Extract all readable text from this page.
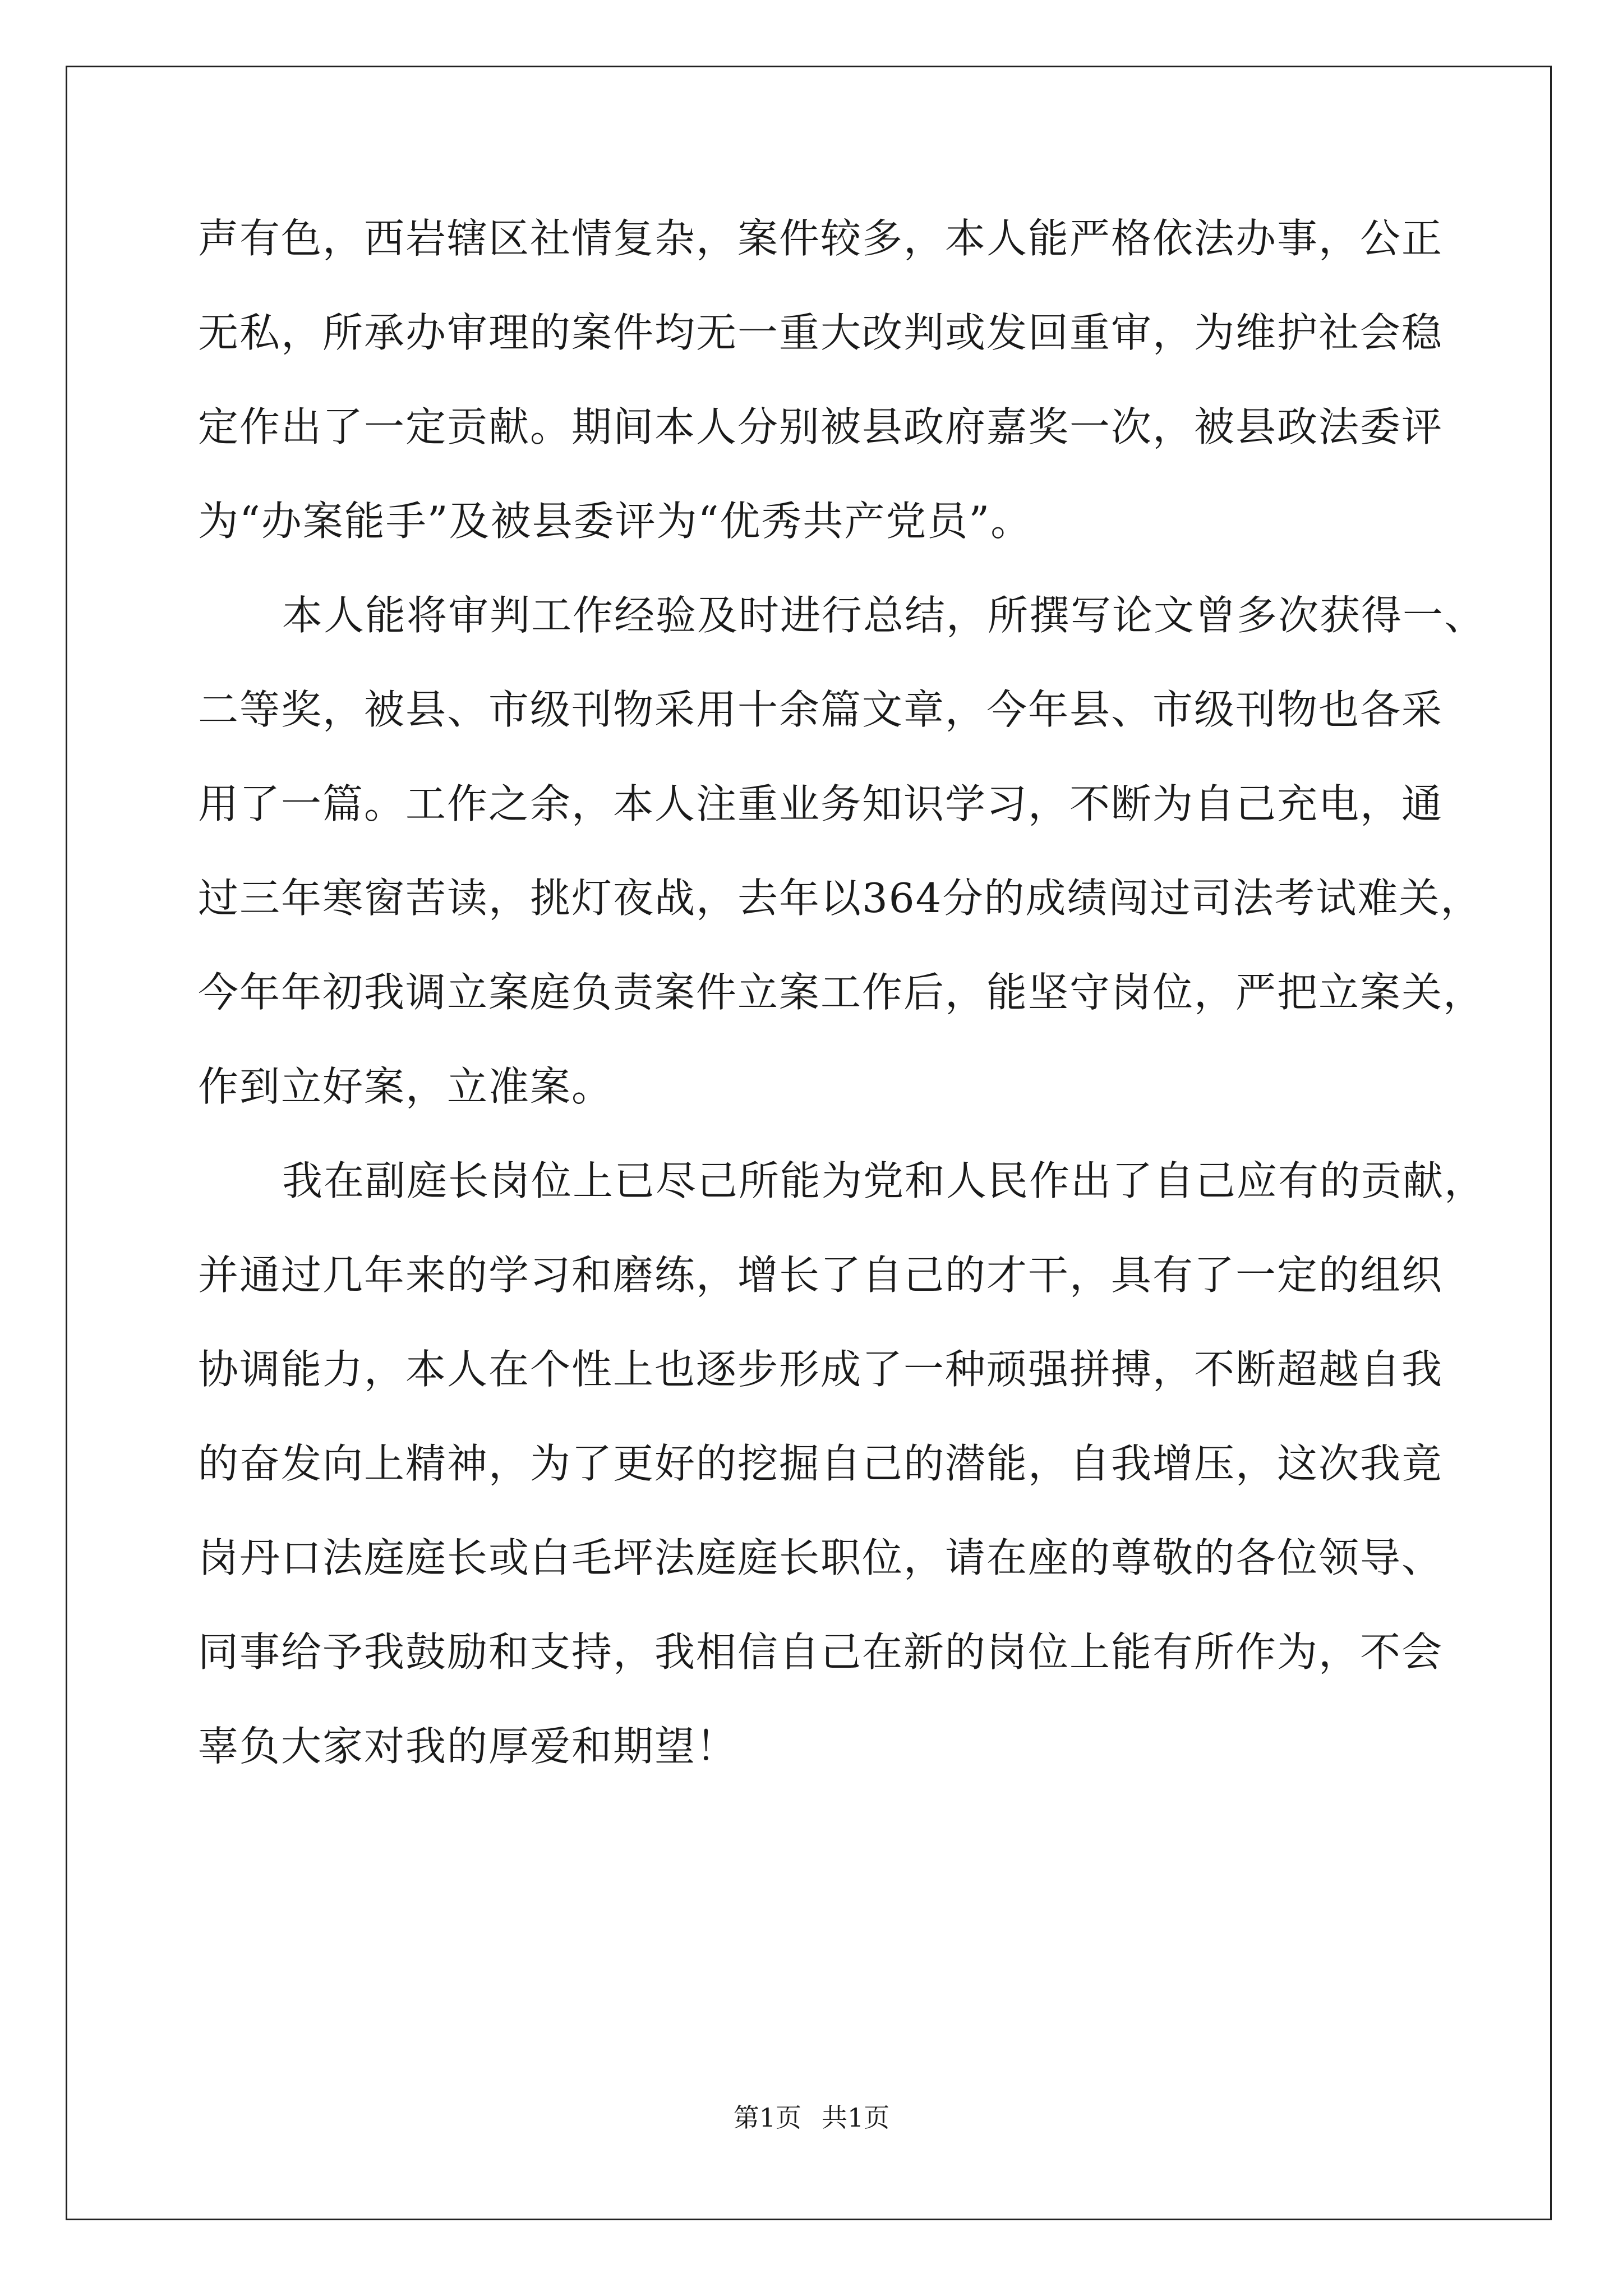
声有色，西岩辖区社情复杂，案件较多，本人能严格依法办事，公正
无私，所承办审理的案件均无一重大改判或发回重审，为维护社会稳
定作出了一定贡献。期间本人分别被县政府嘉奖一次，被县政法委评
为“办案能手”及被县委评为“优秀共产党员”。
本人能将审判工作经验及时进行总结，所撰写论文曾多次获得一、
二等奖，被县、市级刊物采用十余篇文章，今年县、市级刊物也各采
用了一篇。工作之余，本人注重业务知识学习，不断为自己充电，通
过三年寒窗苦读，挑灯夜战，去年以364分的成绩闯过司法考试难关，
今年年初我调立案庭负责案件立案工作后，能坚守岗位，严把立案关，
作到立好案，立准案。
我在副庭长岗位上已尽己所能为党和人民作出了自己应有的贡献，
并通过几年来的学习和磨练，增长了自己的才干，具有了一定的组织
协调能力，本人在个性上也逐步形成了一种顽强拼搏，不断超越自我
的奋发向上精神，为了更好的挖掘自己的潜能，自我增压，这次我竟
岗丹口法庭庭长或白毛坪法庭庭长职位，请在座的尊敬的各位领导、
同事给予我鼓励和支持，我相信自己在新的岗位上能有所作为，不会
辜负大家对我的厚爱和期望！
第1页 共1页
